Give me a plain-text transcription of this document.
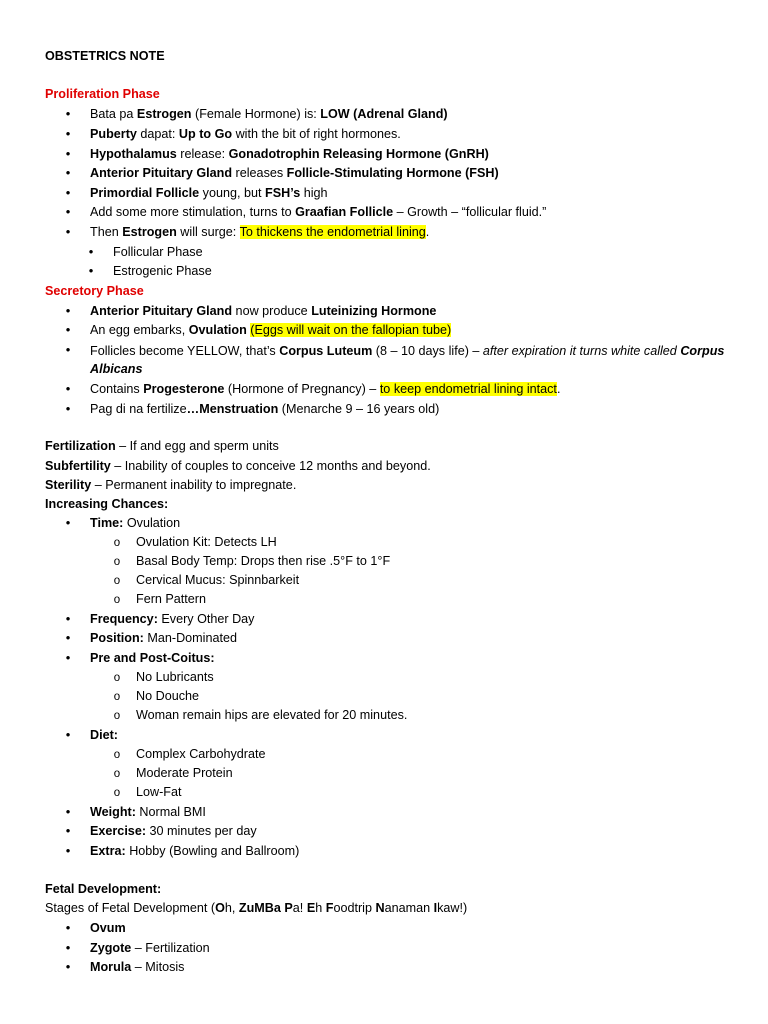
OBSTETRICS NOTE
Proliferation Phase
•
Bata pa Estrogen (Female Hormone) is: LOW (Adrenal Gland)
•
Puberty dapat: Up to Go with the bit of right hormones.
•
Hypothalamus release: Gonadotrophin Releasing Hormone (GnRH)
•
Anterior Pituitary Gland releases Follicle-Stimulating Hormone (FSH)
•
Primordial Follicle young, but FSH’s high
•
Add some more stimulation, turns to Graafian Follicle – Growth – “follicular fluid.”
•
Then Estrogen will surge: To thickens the endometrial lining.
•
Follicular Phase
•
Estrogenic Phase
Secretory Phase
•
Anterior Pituitary Gland now produce Luteinizing Hormone
•
An egg embarks, Ovulation (Eggs will wait on the fallopian tube)
•
Follicles become YELLOW, that’s Corpus Luteum (8 – 10 days life) – after expiration it turns white called Corpus Albicans
•
Contains Progesterone (Hormone of Pregnancy) – to keep endometrial lining intact.
•
Pag di na fertilize…Menstruation (Menarche 9 – 16 years old)
Fertilization – If and egg and sperm units
Subfertility – Inability of couples to conceive 12 months and beyond.
Sterility – Permanent inability to impregnate.
Increasing Chances:
•
Time: Ovulation
o
Ovulation Kit: Detects LH
o
Basal Body Temp: Drops then rise .5°F to 1°F
o
Cervical Mucus: Spinnbarkeit
o
Fern Pattern
•
Frequency: Every Other Day
•
Position: Man-Dominated
•
Pre and Post-Coitus:
o
No Lubricants
o
No Douche
o
Woman remain hips are elevated for 20 minutes.
•
Diet:
o
Complex Carbohydrate
o
Moderate Protein
o
Low-Fat
•
Weight: Normal BMI
•
Exercise: 30 minutes per day
•
Extra: Hobby (Bowling and Ballroom)
Fetal Development:
Stages of Fetal Development (Oh, ZuMBa Pa! Eh Foodtrip Nanaman Ikaw!)
•
Ovum
•
Zygote – Fertilization
•
Morula – Mitosis
